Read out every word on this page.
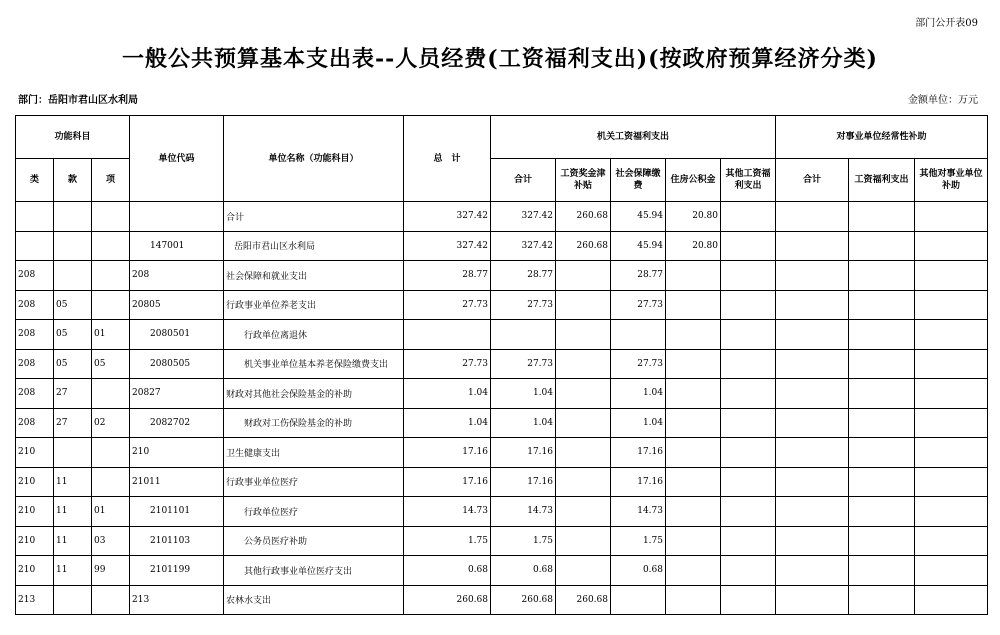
部门公开表09
一般公共预算基本支出表--人员经费(工资福利支出)(按政府预算经济分类)
部门：岳阳市君山区水利局	金额单位：万元
功能科目			单位代码	单位名称（功能科目）	总　计	机关工资福利支出					对事业单位经常性补助		
类	款	项				合计	工资奖金津补贴	社会保障缴费	住房公积金	其他工资福利支出	合计	工资福利支出	其他对事业单位补助
				合计	327.42	327.42	260.68	45.94	20.80				
			147001	岳阳市君山区水利局	327.42	327.42	260.68	45.94	20.80				
208			208	社会保障和就业支出	28.77	28.77		28.77					
208	05		20805	行政事业单位养老支出	27.73	27.73		27.73					
208	05	01	2080501	行政单位离退休									
208	05	05	2080505	机关事业单位基本养老保险缴费支出	27.73	27.73		27.73					
208	27		20827	财政对其他社会保险基金的补助	1.04	1.04		1.04					
208	27	02	2082702	财政对工伤保险基金的补助	1.04	1.04		1.04					
210			210	卫生健康支出	17.16	17.16		17.16					
210	11		21011	行政事业单位医疗	17.16	17.16		17.16					
210	11	01	2101101	行政单位医疗	14.73	14.73		14.73					
210	11	03	2101103	公务员医疗补助	1.75	1.75		1.75					
210	11	99	2101199	其他行政事业单位医疗支出	0.68	0.68		0.68					
213			213	农林水支出	260.68	260.68	260.68						
